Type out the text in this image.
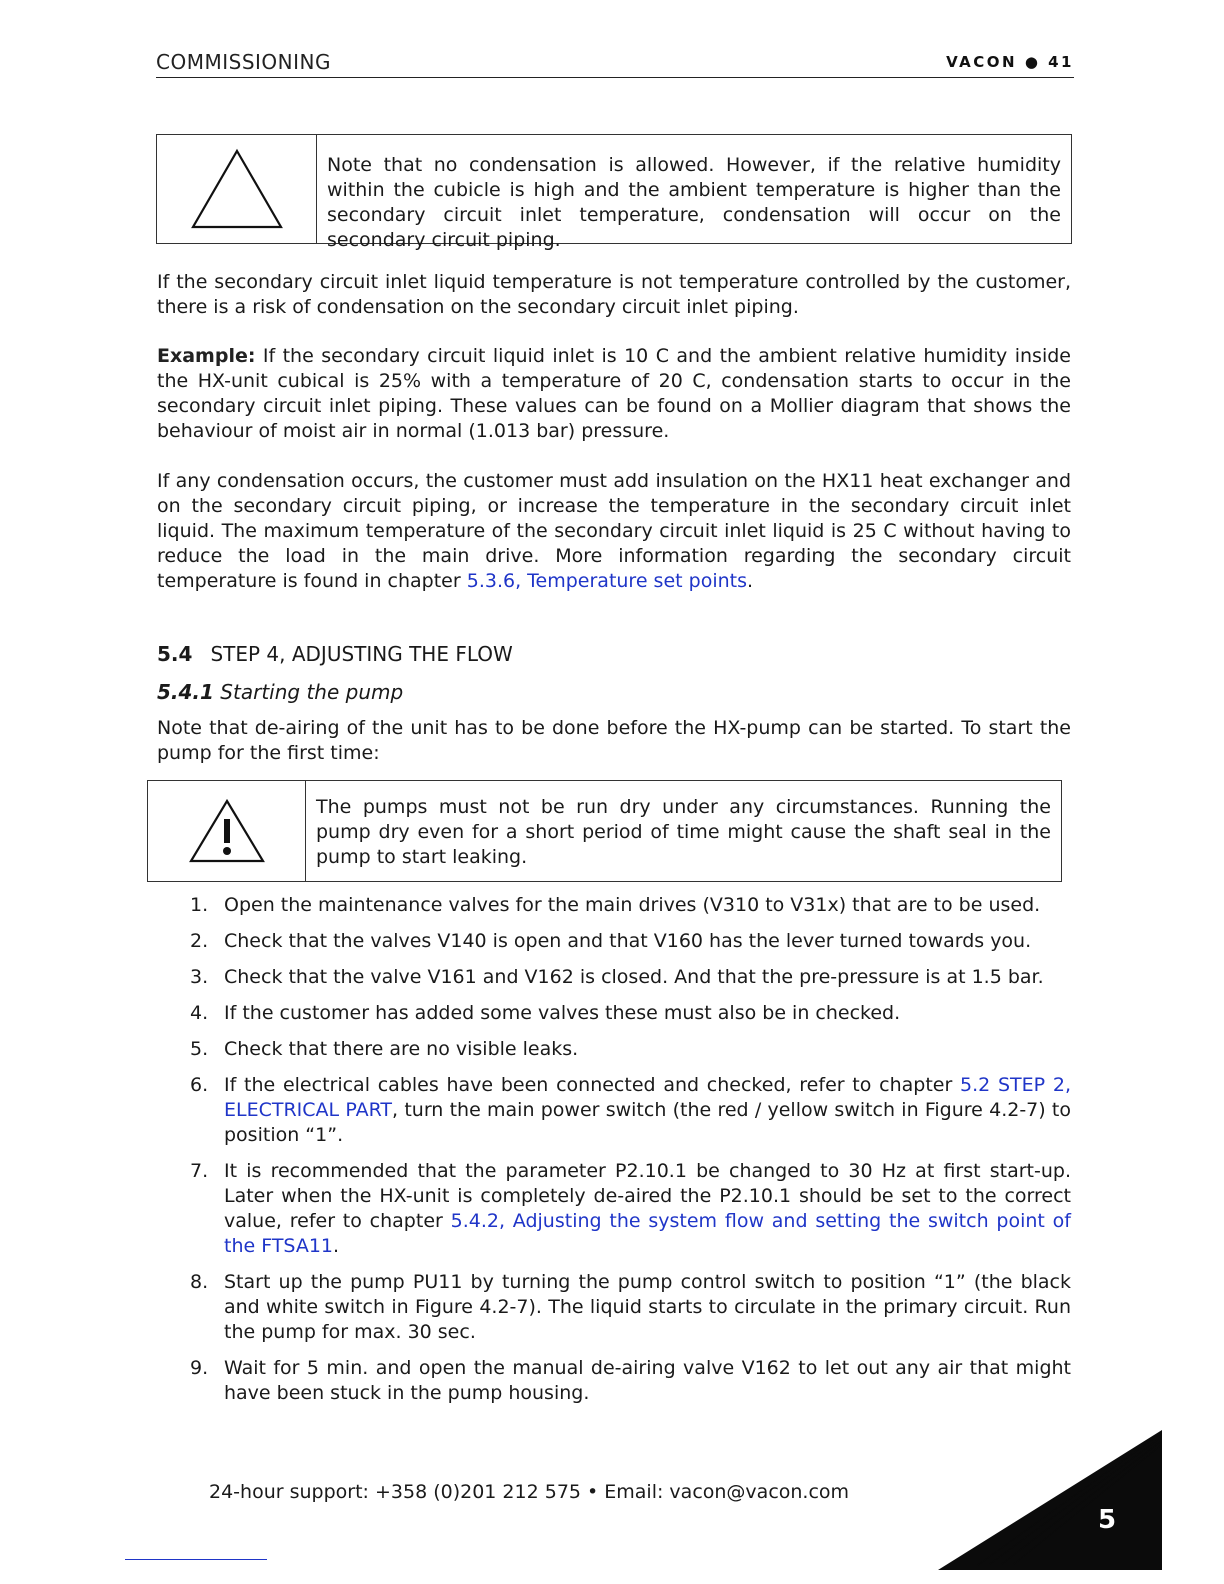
COMMISSIONING	VACON ● 41
Note that no condensation is allowed. However, if the relative humidity within the cubicle is high and the ambient temperature is higher than the secondary circuit inlet temperature, condensation will occur on the secondary circuit piping.

If the secondary circuit inlet liquid temperature is not temperature controlled by the customer, there is a risk of condensation on the secondary circuit inlet piping.

Example: If the secondary circuit liquid inlet is 10 C and the ambient relative humidity inside the HX-unit cubical is 25% with a temperature of 20 C, condensation starts to occur in the secondary circuit inlet piping. These values can be found on a Mollier diagram that shows the behaviour of moist air in normal (1.013 bar) pressure.

If any condensation occurs, the customer must add insulation on the HX11 heat exchanger and on the secondary circuit piping, or increase the temperature in the secondary circuit inlet liquid. The maximum temperature of the secondary circuit inlet liquid is 25 C without having to reduce the load in the main drive. More information regarding the secondary circuit temperature is found in chapter 5.3.6, Temperature set points.

5.4 STEP 4, ADJUSTING THE FLOW
5.4.1 Starting the pump

Note that de-airing of the unit has to be done before the HX-pump can be started. To start the pump for the first time:

The pumps must not be run dry under any circumstances. Running the pump dry even for a short period of time might cause the shaft seal in the pump to start leaking.
1. Open the maintenance valves for the main drives (V310 to V31x) that are to be used.
2. Check that the valves V140 is open and that V160 has the lever turned towards you.
3. Check that the valve V161 and V162 is closed. And that the pre-pressure is at 1.5 bar.
4. If the customer has added some valves these must also be in checked.
5. Check that there are no visible leaks.
6. If the electrical cables have been connected and checked, refer to chapter 5.2 STEP 2, ELECTRICAL PART, turn the main power switch (the red / yellow switch in Figure 4.2-7) to position “1”.
7. It is recommended that the parameter P2.10.1 be changed to 30 Hz at first start-up. Later when the HX-unit is completely de-aired the P2.10.1 should be set to the correct value, refer to chapter 5.4.2, Adjusting the system flow and setting the switch point of the FTSA11.
8. Start up the pump PU11 by turning the pump control switch to position “1” (the black and white switch in Figure 4.2-7). The liquid starts to circulate in the primary circuit. Run the pump for max. 30 sec.
9. Wait for 5 min. and open the manual de-airing valve V162 to let out any air that might have been stuck in the pump housing.
24-hour support: +358 (0)201 212 575 • Email: vacon@vacon.com
5
